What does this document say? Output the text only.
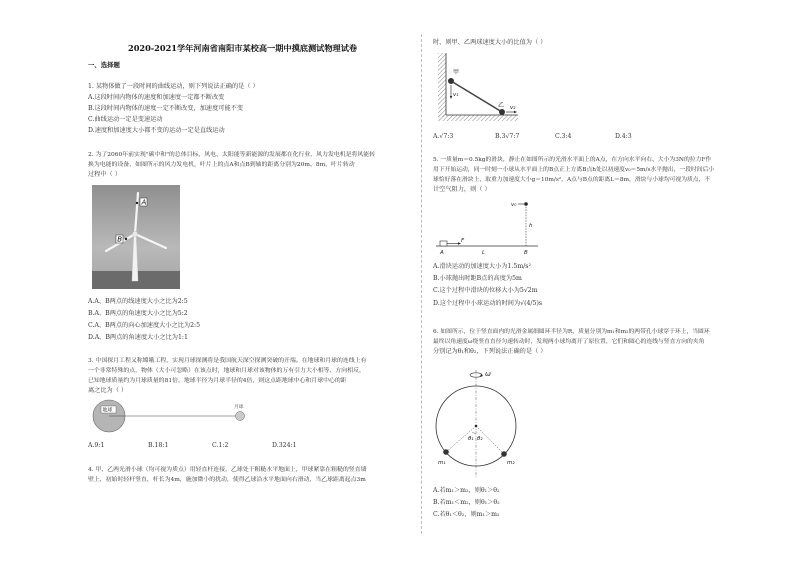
2020-2021学年河南省南阳市某校高一期中摸底测试物理试卷
一、选择题
1. 某物体做了一段时间的曲线运动，则下列说法正确的是（ ）
A.这段时间内物体的速度和加速度一定都不断改变
B.这段时间内物体的速度一定不断改变，加速度可能不变
C.曲线运动一定是变速运动
D.速度和加速度大小都不变的运动一定是直线运动
2. 为了2060年前实现"碳中和"的总体目标，风电、太阳能等新能源的发展都在化行业，风力发电机是将风能转
换为电能的设备，如图所示的风力发电机，叶片上的点A和点B到轴的距离分别为20m、8m，叶片转动
过程中（ ）
A
B
A.A、B两点的线速度大小之比为2:5
B.A、B两点的角速度大小之比为5:2
C.A、B两点的向心加速度大小之比为2:5
D.A、B两点的角速度大小之比为1:1
3. 中国探月工程又称嫦娥工程，实现月球探测将是我国航天深空探测突破的开端。在地球和月球的连线上有
一个非常特殊的点，物体（大小可忽略）在该点时，地球和月球对该物体的万有引力大小相等、方向相反，
已知地球质量约为月球质量的81倍，地球半径为月球半径的4倍，则这点距地球中心和月球中心的距
离之比为（ ）
地球
月球
A.9:1	B.18:1	C.1:2	D.324:1
4. 甲、乙两光滑小球（均可视为质点）用轻直杆连接，乙球处于粗糙水平地面上，甲球紧靠在粗糙的竖直墙
壁上，初始时轻杆竖直，杆长为4m，施加微小的扰动，使得乙球沿水平地面向右滑动，当乙球距离起点3m
时，则甲、乙两球速度大小的比值为（ ）
甲
v₁
乙 v₂
A.√7:3	B.3√7:7	C.3:4	D.4:3
5. 一质量m＝0.5kg的滑块，静止在如图所示的光滑水平面上的A点，在方向水平向右、大小为3N的拉力F作
用下开始运动，同一时刻一小球从水平面上的B点正上方离B点h处以初速度v₀＝5m/s水平抛出，一段时间后小
球恰好落在滑块上，取重力加速度大小g＝10m/s²，A点与B点的距离L＝8m，滑块与小球均可视为质点，不
计空气阻力，则（ ）
F
v₀
h
A	L	B
A.滑块运动的加速度大小为1.5m/s²
B.小球抛出时距B点的高度为5m
C.这个过程中滑块的位移大小为5√2m
D.这个过程中小球运动的时间为√(4/5)s
6. 如图所示，位于竖直面内的光滑金属细圆环半径为R，质量分别为m₁和m₂的两带孔小球穿于环上，当圆环
最终以角速度ω绕竖直直径匀速转动时，发现两小球均离开了原位置，它们和圆心的连线与竖直方向的夹角
分别记为θ₁和θ₂，下列说法正确的是（ ）
ω
θ₁ θ₂
m₁	m₂
A.若m₁＞m₂，则θ₁＞θ₂
B.若m₁＜m₂，则θ₁＞θ₂
C.若θ₁＜θ₂，则m₁＞m₂
